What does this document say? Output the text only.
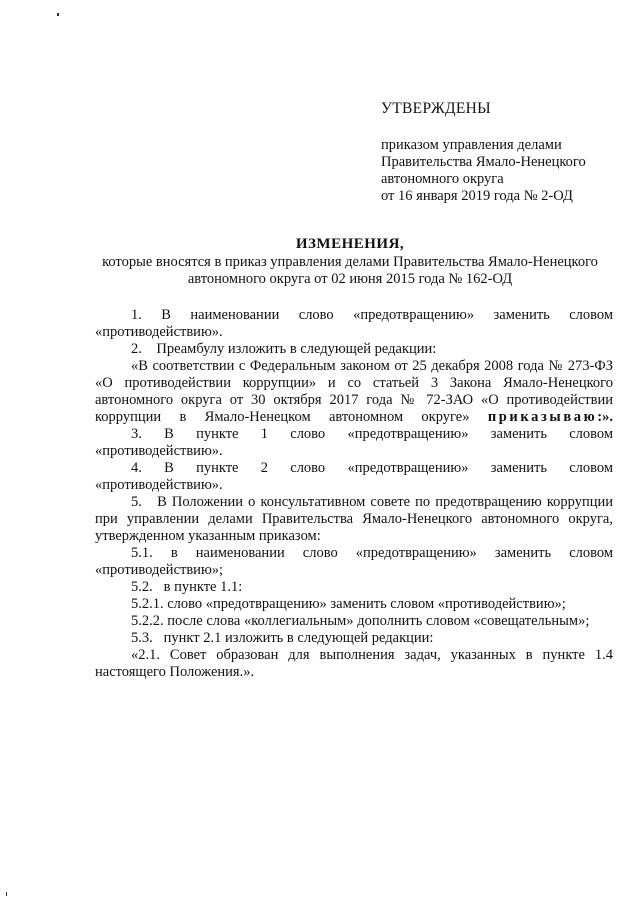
УТВЕРЖДЕНЫ
приказом управления делами
Правительства Ямало-Ненецкого
автономного округа
от 16 января 2019 года № 2-ОД
ИЗМЕНЕНИЯ,
которые вносятся в приказ управления делами Правительства Ямало-Ненецкого
автономного округа от 02 июня 2015 года № 162-ОД
1. В наименовании слово «предотвращению» заменить словом
«противодействию».
2. Преамбулу изложить в следующей редакции:
«В соответствии с Федеральным законом от 25 декабря 2008 года № 273-ФЗ
«О противодействии коррупции» и со статьей 3 Закона Ямало-Ненецкого
автономного округа от 30 октября 2017 года № 72-ЗАО «О противодействии
коррупции в Ямало-Ненецком автономном округе» приказываю:».
3. В пункте 1 слово «предотвращению» заменить словом
«противодействию».
4. В пункте 2 слово «предотвращению» заменить словом
«противодействию».
5. В Положении о консультативном совете по предотвращению коррупции
при управлении делами Правительства Ямало-Ненецкого автономного округа,
утвержденном указанным приказом:
5.1. в наименовании слово «предотвращению» заменить словом
«противодействию»;
5.2. в пункте 1.1:
5.2.1. слово «предотвращению» заменить словом «противодействию»;
5.2.2. после слова «коллегиальным» дополнить словом «совещательным»;
5.3. пункт 2.1 изложить в следующей редакции:
«2.1. Совет образован для выполнения задач, указанных в пункте 1.4
настоящего Положения.».
